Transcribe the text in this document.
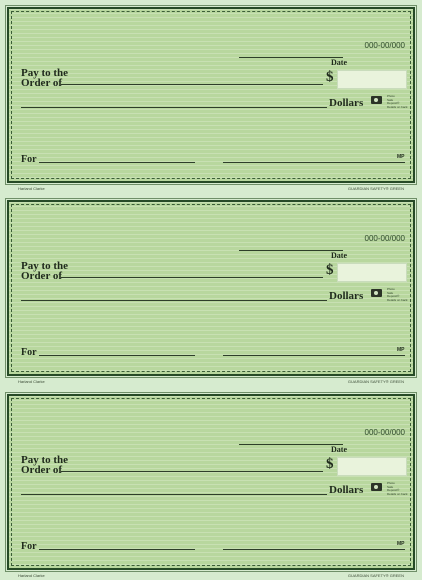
000-00/000
Date
Pay to the
Order of	$
Dollars
Photo
Safe
Deposit®
Details on back
For	MP
Harland Clarke	GUARDIAN SAFETY® GREEN
000-00/000
Date
Pay to the
Order of	$
Dollars
Photo
Safe
Deposit®
Details on back
For	MP
Harland Clarke	GUARDIAN SAFETY® GREEN
000-00/000
Date
Pay to the
Order of	$
Dollars
Photo
Safe
Deposit®
Details on back
For	MP
Harland Clarke	GUARDIAN SAFETY® GREEN
